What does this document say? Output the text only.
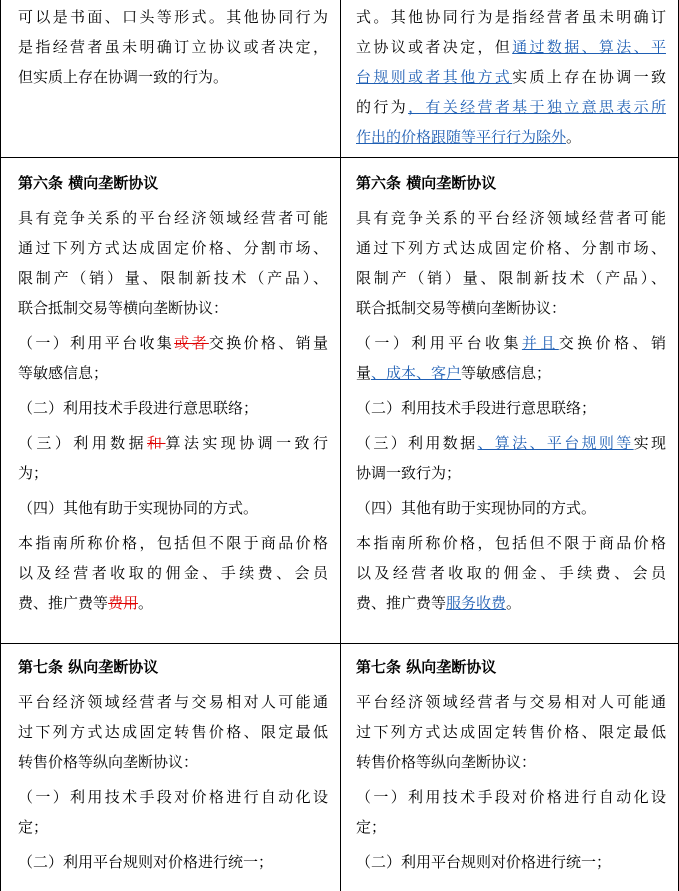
可以是书面、口头等形式。其他协同行为
是指经营者虽未明确订立协议或者决定，
但实质上存在协调一致的行为。
式。其他协同行为是指经营者虽未明确订
立协议或者决定，但通过数据、算法、平
台规则或者其他方式实质上存在协调一致
的行为，有关经营者基于独立意思表示所
作出的价格跟随等平行行为除外。
第六条 横向垄断协议
具有竞争关系的平台经济领域经营者可能
通过下列方式达成固定价格、分割市场、
限制产（销）量、限制新技术（产品）、
联合抵制交易等横向垄断协议：
（一）利用平台收集或者交换价格、销量
等敏感信息；
（二）利用技术手段进行意思联络；
（三）利用数据和算法实现协调一致行
为；
（四）其他有助于实现协同的方式。
本指南所称价格，包括但不限于商品价格
以及经营者收取的佣金、手续费、会员
费、推广费等费用。
第六条 横向垄断协议
具有竞争关系的平台经济领域经营者可能
通过下列方式达成固定价格、分割市场、
限制产（销）量、限制新技术（产品）、
联合抵制交易等横向垄断协议：
（一）利用平台收集并且交换价格、销
量、成本、客户等敏感信息；
（二）利用技术手段进行意思联络；
（三）利用数据、算法、平台规则等实现
协调一致行为；
（四）其他有助于实现协同的方式。
本指南所称价格，包括但不限于商品价格
以及经营者收取的佣金、手续费、会员
费、推广费等服务收费。
第七条 纵向垄断协议
平台经济领域经营者与交易相对人可能通
过下列方式达成固定转售价格、限定最低
转售价格等纵向垄断协议：
（一）利用技术手段对价格进行自动化设
定；
（二）利用平台规则对价格进行统一；
第七条 纵向垄断协议
平台经济领域经营者与交易相对人可能通
过下列方式达成固定转售价格、限定最低
转售价格等纵向垄断协议：
（一）利用技术手段对价格进行自动化设
定；
（二）利用平台规则对价格进行统一；
